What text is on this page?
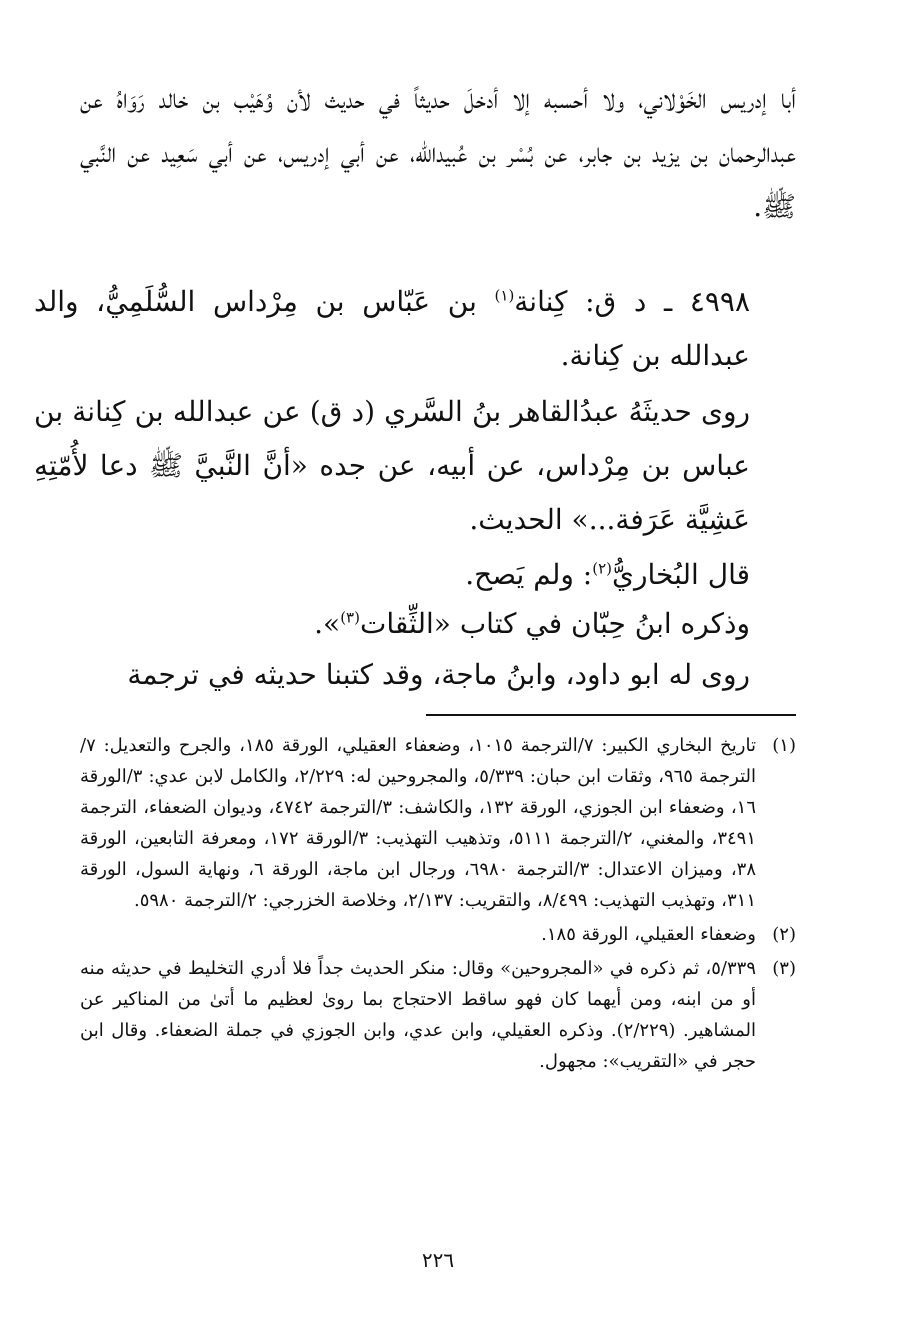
أبا إدريس الخَوْلاني، ولا أحسبه إلا أدخلَ حديثاً في حديث لأن وُهَيْب بن خالد رَوَاهُ عن عبدالرحمان بن يزيد بن جابر، عن بُسْر بن عُبيدالله، عن أبي إدريس، عن أبي سَعِيد عن النَّبي ﷺ.

٤٩٩٨ ـ د ق: كِنانة$^{(١)}$ بن عَبّاس بن مِرْداس السُّلَمِيُّ، والد عبدالله بن كِنانة.

روى حديثَهُ عبدُالقاهر بنُ السَّري (د ق) عن عبدالله بن كِنانة بن عباس بن مِرْداس، عن أبيه، عن جده «أنَّ النَّبيَّ ﷺ دعا لأُمّتِهِ عَشِيَّة عَرَفة...» الحديث.

قال البُخاريُّ$^{(٢)}$: ولم يَصح.

وذكره ابنُ حِبّان في كتاب «الثِّقات$^{(٣)}$».

روى له ابو داود، وابنُ ماجة، وقد كتبنا حديثه في ترجمة

(١)
تاريخ البخاري الكبير: ٧/الترجمة ١٠١٥، وضعفاء العقيلي، الورقة ١٨٥، والجرح والتعديل: ٧/الترجمة ٩٦٥، وثقات ابن حبان: ٥/٣٣٩، والمجروحين له: ٢/٢٢٩، والكامل لابن عدي: ٣/الورقة ١٦، وضعفاء ابن الجوزي، الورقة ١٣٢، والكاشف: ٣/الترجمة ٤٧٤٢، وديوان الضعفاء، الترجمة ٣٤٩١، والمغني، ٢/الترجمة ٥١١١، وتذهيب التهذيب: ٣/الورقة ١٧٢، ومعرفة التابعين، الورقة ٣٨، وميزان الاعتدال: ٣/الترجمة ٦٩٨٠، ورجال ابن ماجة، الورقة ٦، ونهاية السول، الورقة ٣١١، وتهذيب التهذيب: ٨/٤٩٩، والتقريب: ٢/١٣٧، وخلاصة الخزرجي: ٢/الترجمة ٥٩٨٠.
(٢)
وضعفاء العقيلي، الورقة ١٨٥.
(٣)
٥/٣٣٩، ثم ذكره في «المجروحين» وقال: منكر الحديث جداً فلا أدري التخليط في حديثه منه أو من ابنه، ومن أيهما كان فهو ساقط الاحتجاج بما روىٰ لعظيم ما أتىٰ من المناكير عن المشاهير. (٢/٢٢٩). وذكره العقيلي، وابن عدي، وابن الجوزي في جملة الضعفاء. وقال ابن حجر في «التقريب»: مجهول.
٢٢٦
